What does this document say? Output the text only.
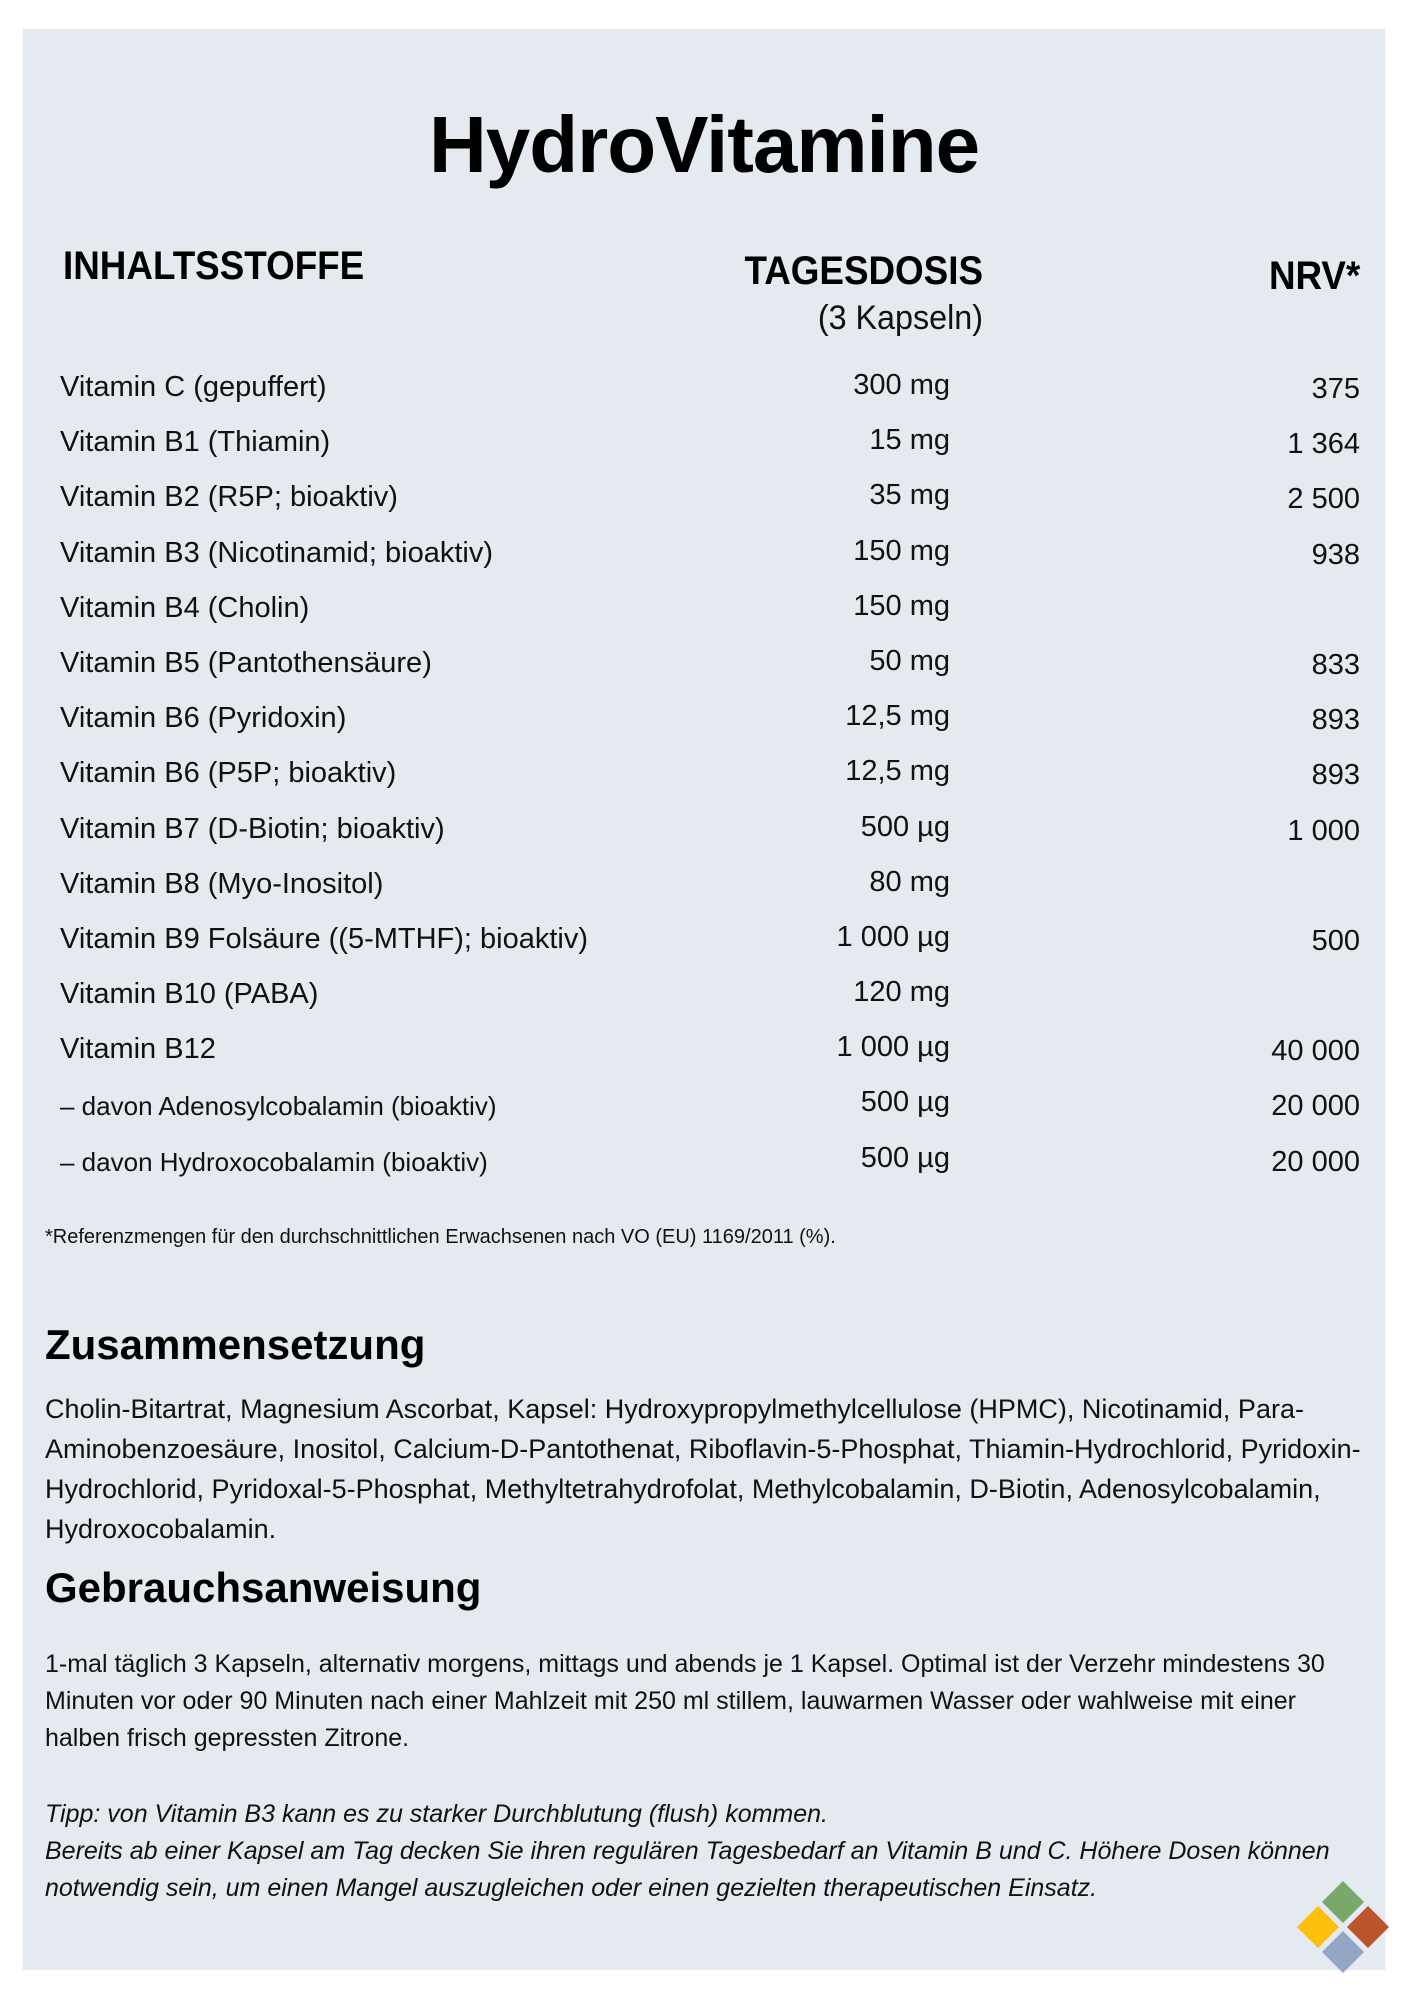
HydroVitamine
INHALTSSTOFFE	TAGESDOSIS
(3 Kapseln)
NRV*
Vitamin C (gepuffert)	300 mg	375
Vitamin B1 (Thiamin)	15 mg	1 364
Vitamin B2 (R5P; bioaktiv)	35 mg	2 500
Vitamin B3 (Nicotinamid; bioaktiv)	150 mg	938
Vitamin B4 (Cholin)	150 mg
Vitamin B5 (Pantothensäure)	50 mg	833
Vitamin B6 (Pyridoxin)	12,5 mg	893
Vitamin B6 (P5P; bioaktiv)	12,5 mg	893
Vitamin B7 (D-Biotin; bioaktiv)	500 µg	1 000
Vitamin B8 (Myo-Inositol)	80 mg
Vitamin B9 Folsäure ((5-MTHF); bioaktiv)	1 000 µg	500
Vitamin B10 (PABA)	120 mg
Vitamin B12	1 000 µg	40 000
– davon Adenosylcobalamin (bioaktiv)	500 µg	20 000
– davon Hydroxocobalamin (bioaktiv)	500 µg	20 000
*Referenzmengen für den durchschnittlichen Erwachsenen nach VO (EU) 1169/2011 (%).
Zusammensetzung
Cholin-Bitartrat, Magnesium Ascorbat, Kapsel: Hydroxypropylmethylcellulose (HPMC), Nicotinamid, Para-Aminobenzoesäure, Inositol, Calcium-D-Pantothenat, Riboflavin-5-Phosphat, Thiamin-Hydrochlorid, Pyridoxin-Hydrochlorid, Pyridoxal-5-Phosphat, Methyltetrahydrofolat, Methylcobalamin, D-Biotin, Adenosylcobalamin, Hydroxocobalamin.
Gebrauchsanweisung
1-mal täglich 3 Kapseln, alternativ morgens, mittags und abends je 1 Kapsel. Optimal ist der Verzehr mindestens 30 Minuten vor oder 90 Minuten nach einer Mahlzeit mit 250 ml stillem, lauwarmen Wasser oder wahlweise mit einer halben frisch gepressten Zitrone.
Tipp: von Vitamin B3 kann es zu starker Durchblutung (flush) kommen.
Bereits ab einer Kapsel am Tag decken Sie ihren regulären Tagesbedarf an Vitamin B und C. Höhere Dosen können notwendig sein, um einen Mangel auszugleichen oder einen gezielten therapeutischen Einsatz.
